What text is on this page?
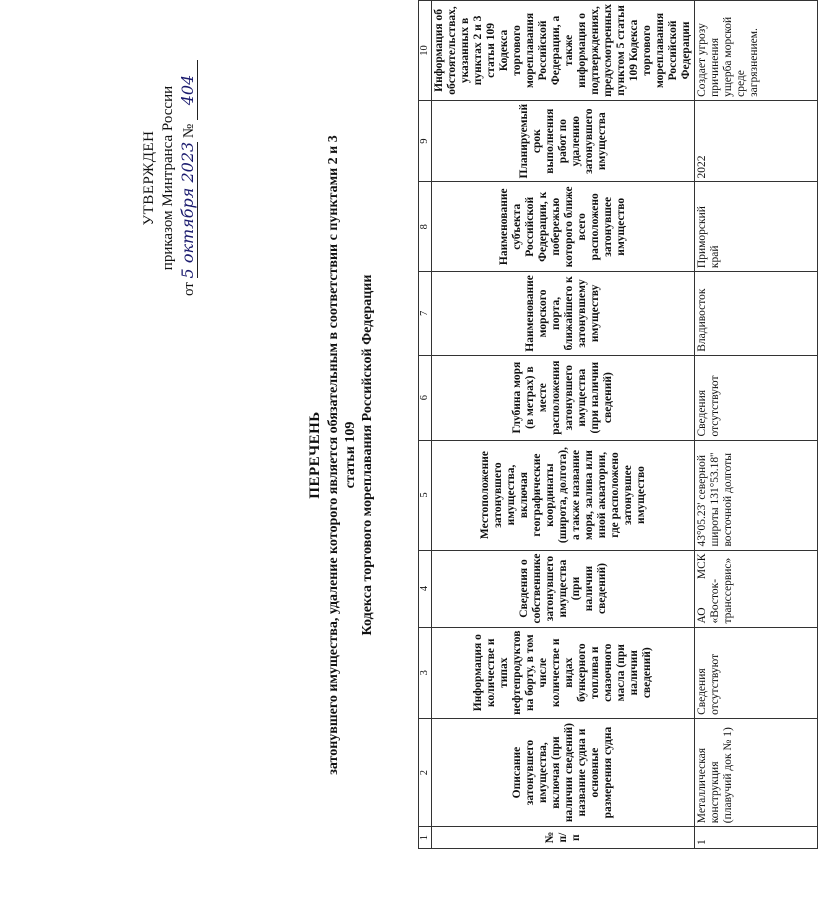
УТВЕРЖДЕН приказом Минтранса России
от 5 октября 2023 № 404
ПЕРЕЧЕНЬ затонувшего имущества, удаление которого является обязательным в соответствии с пунктами 2 и 3 статьи 109 Кодекса торгового мореплавания Российской Федерации
1	2	3	4	5	6	7	8	9	10
№ п/п	Описание затонувшего имущества, включая (при наличии сведений) название судна и основные размерения судна	Информация о количестве и типах нефтепродуктов на борту, в том числе количестве и видах бункерного топлива и смазочного масла (при наличии сведений)	Сведения о собственнике затонувшего имущества (при наличии сведений)	Местоположение затонувшего имущества, включая географические координаты (широта, долгота), а также название моря, залива или иной акватории, где расположено затонувшее имущество	Глубина моря (в метрах) в месте расположения затонувшего имущества (при наличии сведений)	Наименование морского порта, ближайшего к затонувшему имуществу	Наименование субъекта Российской Федерации, к побережью которого ближе всего расположено затонувшее имущество	Планируемый срок выполнения работ по удалению затонувшего имущества	Информация об обстоятельствах, указанных в пунктах 2 и 3 статьи 109 Кодекса торгового мореплавания Российской Федерации, а также информация о подтверждениях, предусмотренных пунктом 5 статьи 109 Кодекса торгового мореплавания Российской Федерации
1	Металлическая конструкция (плавучий док № 1)	Сведения отсутствуют	АО МСК «Восток-транссервис»	43°05.23' северной широты 131°53.18'' восточной долготы	Сведения отсутствуют	Владивосток	Приморский край	2022	Создает угрозу причинения ущерба морской среде загрязнением.
